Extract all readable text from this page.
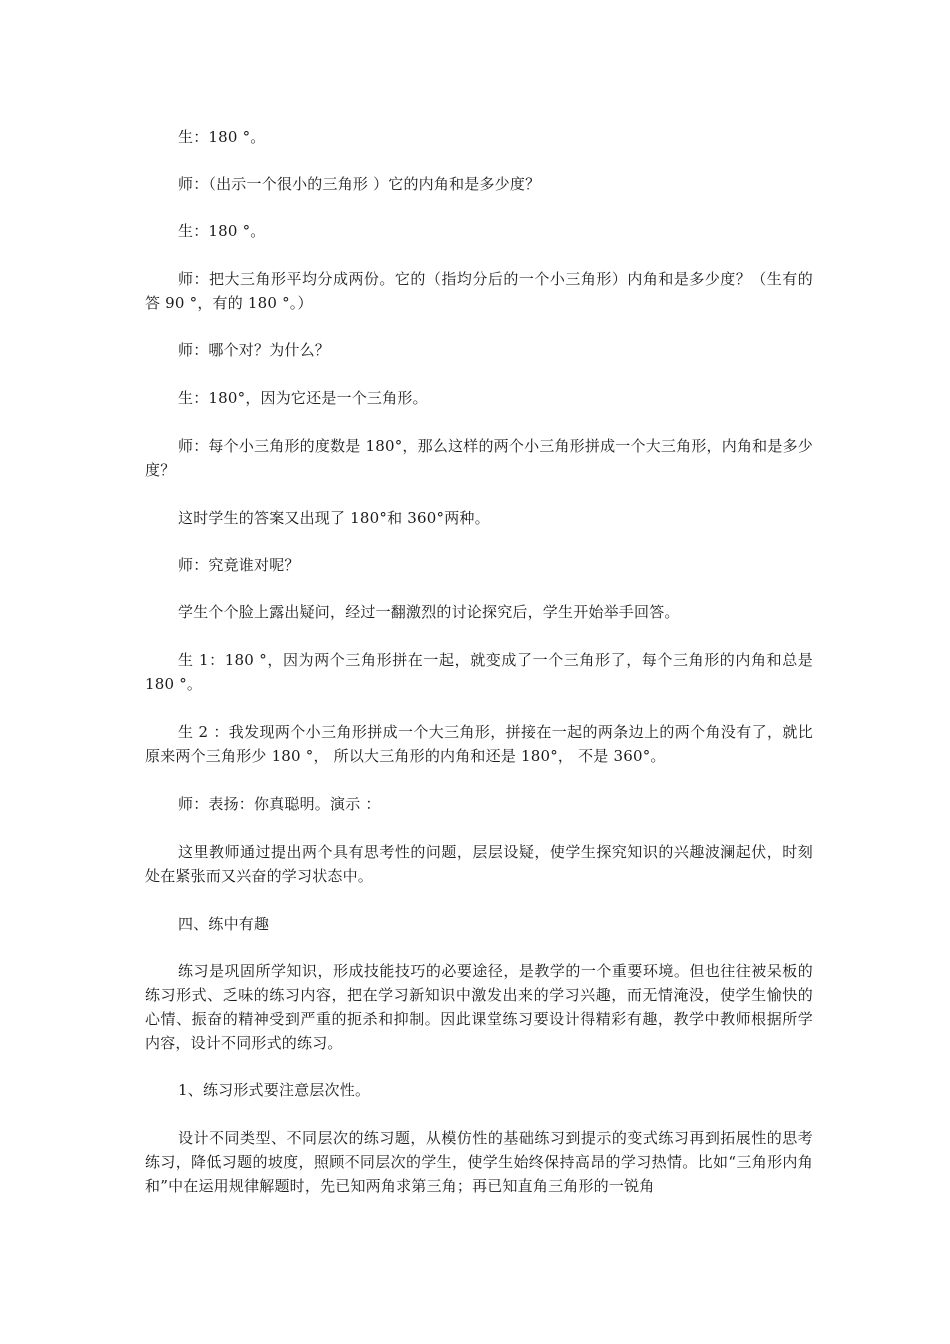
生：180 °。

师：（出示一个很小的三角形 ）它的内角和是多少度？

生：180 °。

师：把大三角形平均分成两份。它的（指均分后的一个小三角形）内角和是多少度？（生有的答 90 °，有的 180 °。）

师：哪个对？为什么？

生：180°，因为它还是一个三角形。

师：每个小三角形的度数是 180°，那么这样的两个小三角形拼成一个大三角形，内角和是多少度？

这时学生的答案又出现了 180°和 360°两种。

师：究竟谁对呢？

学生个个脸上露出疑问，经过一翻激烈的讨论探究后，学生开始举手回答。

生 1：180 °，因为两个三角形拼在一起，就变成了一个三角形了，每个三角形的内角和总是 180 °。

生 2 ：我发现两个小三角形拼成一个大三角形，拼接在一起的两条边上的两个角没有了，就比原来两个三角形少 180 °， 所以大三角形的内角和还是 180°， 不是 360°。

师：表扬：你真聪明。演示 ：

这里教师通过提出两个具有思考性的问题，层层设疑，使学生探究知识的兴趣波澜起伏，时刻处在紧张而又兴奋的学习状态中。

四、练中有趣

练习是巩固所学知识，形成技能技巧的必要途径，是教学的一个重要环境。但也往往被呆板的练习形式、乏味的练习内容，把在学习新知识中激发出来的学习兴趣，而无情淹没，使学生愉快的心情、振奋的精神受到严重的扼杀和抑制。因此课堂练习要设计得精彩有趣，教学中教师根据所学内容，设计不同形式的练习。

1、练习形式要注意层次性。

设计不同类型、不同层次的练习题，从模仿性的基础练习到提示的变式练习再到拓展性的思考练习，降低习题的坡度，照顾不同层次的学生，使学生始终保持高昂的学习热情。比如“三角形内角和”中在运用规律解题时，先已知两角求第三角；再已知直角三角形的一锐角
